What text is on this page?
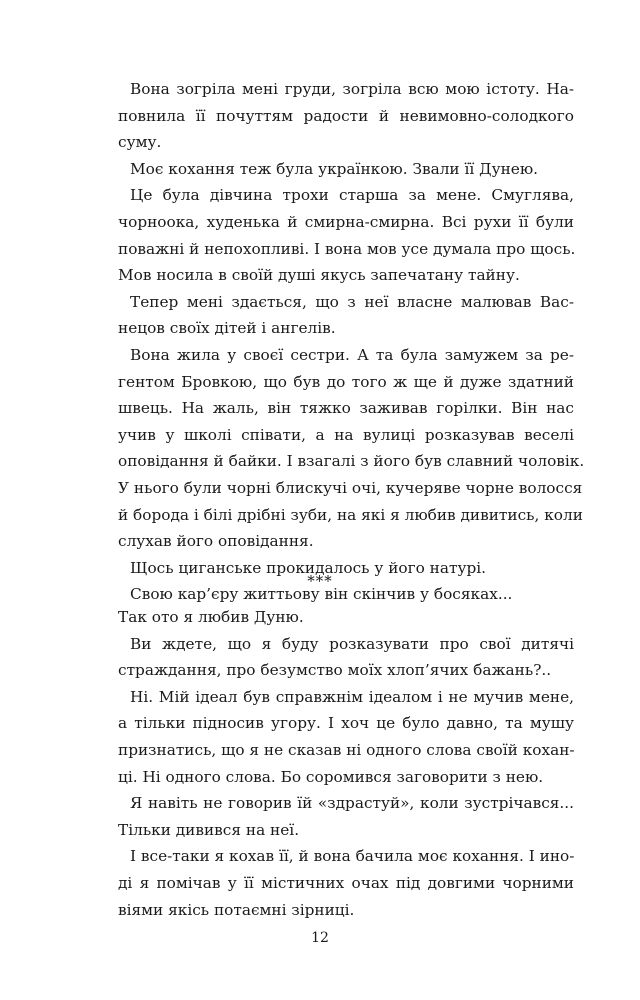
Вона зогріла мені груди, зогріла всю мою істоту. На-
повнила її почуттям радости й невимовно-солодкого
суму.
Моє кохання теж була українкою. Звали її Дунею.
Це була дівчина трохи старша за мене. Смуглява,
чорноока, худенька й смирна-смирна. Всі рухи її були
поважні й непохопливі. І вона мов усе думала про щось.
Мов носила в своїй душі якусь запечатану тайну.
Тепер мені здається, що з неї власне малював Вас-
нецов своїх дітей і ангелів.
Вона жила у своєї сестри. А та була замужем за ре-
гентом Бровкою, що був до того ж ще й дуже здатний
швець. На жаль, він тяжко заживав горілки. Він нас
учив у школі співати, а на вулиці розказував веселі
оповідання й байки. І взагалі з його був славний чоловік.
У нього були чорні блискучі очі, кучеряве чорне волосся
й борода і білі дрібні зуби, на які я любив дивитись, коли
слухав його оповідання.
Щось циганське прокидалось у його натурі.
Свою кар’єру життьову він скінчив у босяках...
***
Так ото я любив Дуню.
Ви ждете, що я буду розказувати про свої дитячі
страждання, про безумство моїх хлоп’ячих бажань?..
Ні. Мій ідеал був справжнім ідеалом і не мучив мене,
а тільки підносив угору. І хоч це було давно, та мушу
признатись, що я не сказав ні одного слова своїй кохан-
ці. Ні одного слова. Бо соромився заговорити з нею.
Я навіть не говорив їй «здрастуй», коли зустрічався...
Тільки дивився на неї.
І все-таки я кохав її, й вона бачила моє кохання. І ино-
ді я помічав у її містичних очах під довгими чорними
віями якісь потаємні зірниці.
12
